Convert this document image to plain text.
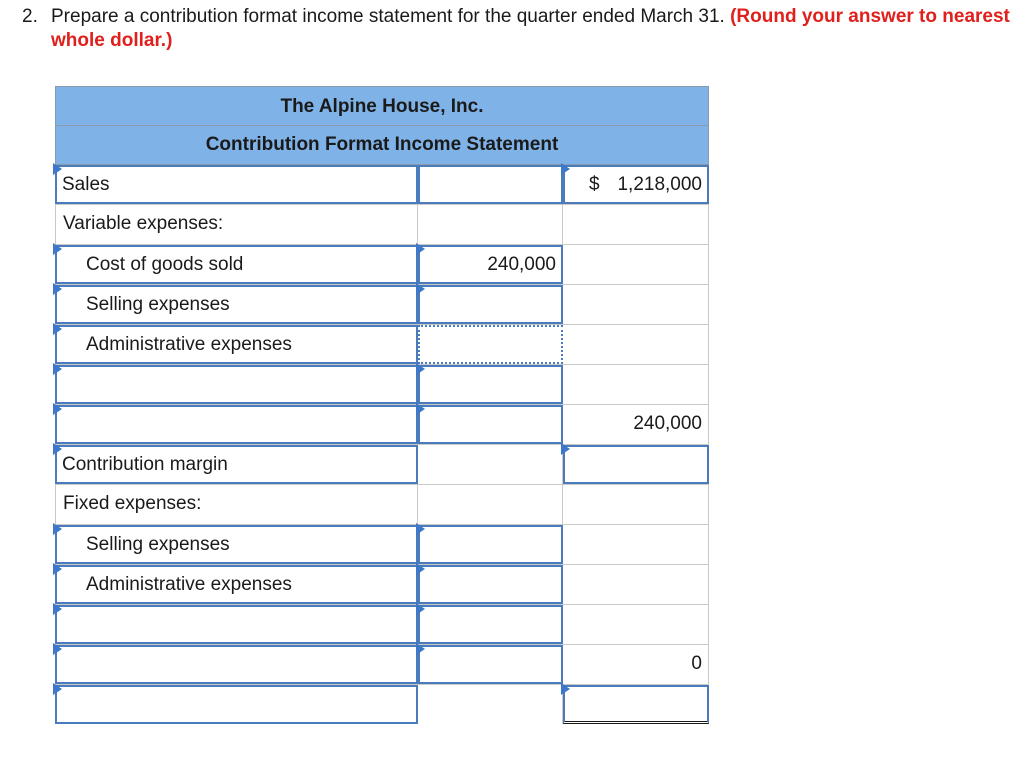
2. Prepare a contribution format income statement for the quarter ended March 31. (Round your answer to nearest whole dollar.)
The Alpine House, Inc.
Contribution Format Income Statement
Sales	$ 1,218,000
Variable expenses:
Cost of goods sold	240,000
Selling expenses
Administrative expenses
240,000
Contribution margin
Fixed expenses:
Selling expenses
Administrative expenses
0
